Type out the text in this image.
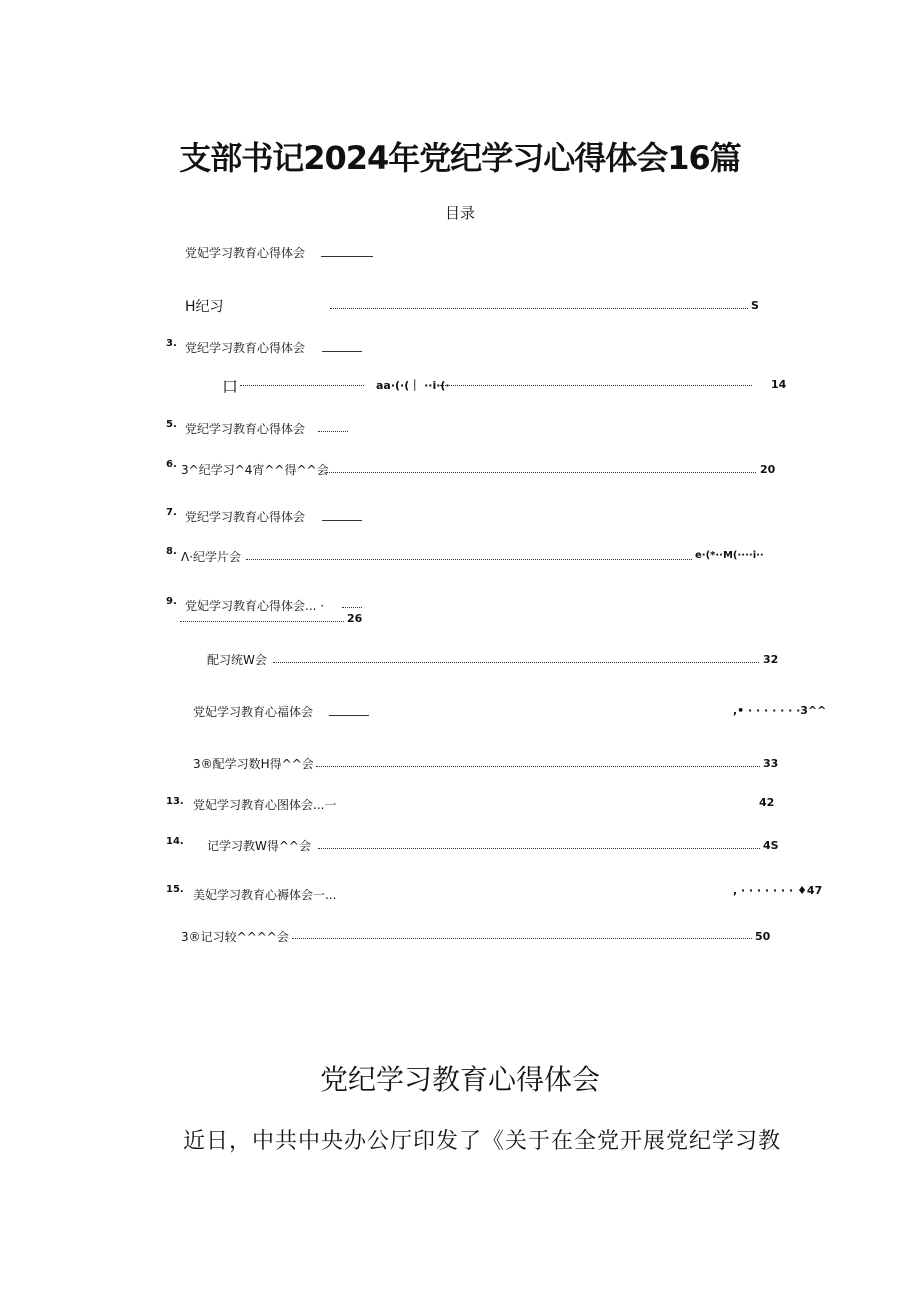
支部书记2024年党纪学习心得体会16篇
目录
党妃学习教育心得体会
H纪习	S
3. 党纪学习教育心得体会
口	aa·(·(｜ ··i·(·	14
5. 党纪学习教育心得体会
6. 3^纪学习^4宵^^得^^会	20
7. 党纪学习教育心得体会
8. Λ·纪学片会	e·(*··M(····i··
9. 党妃学习教育心得体会... ·
26
配习统W会	32
党妃学习教育心福体会	,• · · · · · · ·3^^
3®配学习数H得^^会	33
13. 党妃学习教育心图体会...一	42
14. 记学习教W得^^会	4S
15. 美妃学习教育心褥体会一...	, · · · · · · · ♦47
3®记习较^^^^会	50
党纪学习教育心得体会
近日，中共中央办公厅印发了《关于在全党开展党纪学习教
